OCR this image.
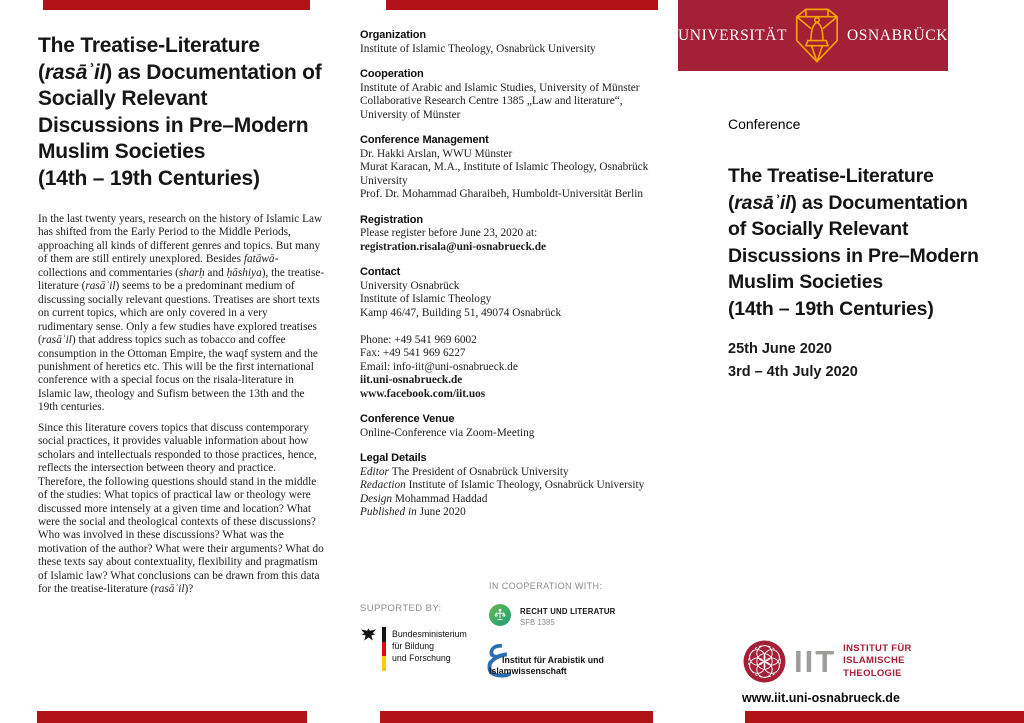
UNIVERSITÄT	OSNABRÜCK
The Treatise-Literature
(rasāʾil) as Documentation of
Socially Relevant
Discussions in Pre–Modern
Muslim Societies
(14th – 19th Centuries)

In the last twenty years, research on the history of Islamic Law has shifted from the Early Period to the Middle Periods, approaching all kinds of different genres and topics. But many of them are still entirely unexplored. Besides fatāwā-collections and commentaries (sharḥ and ḥāshiya), the treatise-literature (rasāʾil) seems to be a predominant medium of discussing socially relevant questions. Treatises are short texts on current topics, which are only covered in a very rudimentary sense. Only a few studies have explored treatises (rasāʾil) that address topics such as tobacco and coffee consumption in the Ottoman Empire, the waqf system and the punishment of heretics etc. This will be the first international conference with a special focus on the risala-literature in Islamic law, theology and Sufism between the 13th and the 19th centuries.

Since this literature covers topics that discuss contemporary social practices, it provides valuable information about how scholars and intellectuals responded to those practices, hence, reflects the intersection between theory and practice. Therefore, the following questions should stand in the middle of the studies: What topics of practical law or theology were discussed more intensely at a given time and location? What were the social and theological contexts of these discussions? Who was involved in these discussions? What was the motivation of the author? What were their arguments? What do these texts say about contextuality, flexibility and pragmatism of Islamic law? What conclusions can be drawn from this data for the treatise-literature (rasāʾil)?

Organization
Institute of Islamic Theology, Osnabrück University
Cooperation
Institute of Arabic and Islamic Studies, University of Münster
Collaborative Research Centre 1385 „Law and literature“, University of Münster
Conference Management
Dr. Hakki Arslan, WWU Münster
Murat Karacan, M.A., Institute of Islamic Theology, Osnabrück University
Prof. Dr. Mohammad Gharaibeh, Humboldt-Universität Berlin
Registration
Please register before June 23, 2020 at:
registration.risala@uni-osnabrueck.de
Contact
University Osnabrück
Institute of Islamic Theology
Kamp 46/47, Building 51, 49074 Osnabrück

Phone: +49 541 969 6002
Fax: +49 541 969 6227
Email: info-iit@uni-osnabrueck.de
iit.uni-osnabrueck.de
www.facebook.com/iit.uos
Conference Venue
Online-Conference via Zoom-Meeting
Legal Details
Editor The President of Osnabrück University
Redaction Institute of Islamic Theology, Osnabrück University
Design Mohammad Haddad
Published in June 2020
IN COOPERATION WITH:
SUPPORTED BY:
Bundesministerium
für Bildung
und Forschung
RECHT UND LITERATUR
SFB 1385
ع
Institut für Arabistik und
Islamwissenschaft
Conference
The Treatise-Literature
(rasāʾil) as Documentation
of Socially Relevant
Discussions in Pre–Modern
Muslim Societies
(14th – 19th Centuries)
25th June 2020
3rd – 4th July 2020
IIT INSTITUT FÜR
ISLAMISCHE
THEOLOGIE
www.iit.uni-osnabrueck.de
